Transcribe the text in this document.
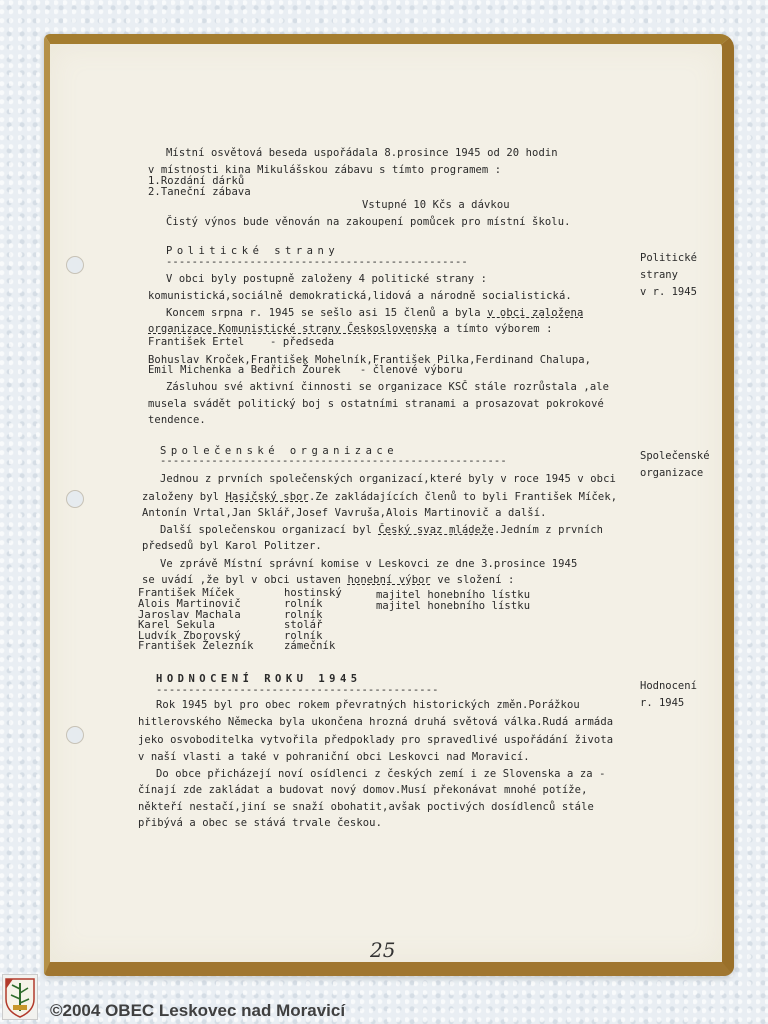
Místní osvětová beseda uspořádala 8.prosince 1945 od 20 hodin
v místnosti kina Mikulášskou zábavu s tímto programem :
1.Rozdání dárků
2.Taneční zábava
Vstupné 10 Kčs a dávkou
Čistý výnos bude věnován na zakoupení pomůcek pro místní školu.
Politické strany
-----------------------------------------------
V obci byly postupně založeny 4 politické strany :
komunistická,sociálně demokratická,lidová a národně socialistická.
Koncem srpna r. 1945 se sešlo asi 15 členů a byla v obci založena
organizace Komunistické strany Československa a tímto výborem :
František Ertel    - předseda
Bohuslav Kroček,František Mohelník,František Pilka,Ferdinand Chalupa,
Emil Michenka a Bedřich Žourek   - členové výboru
Zásluhou své aktivní činnosti se organizace KSČ stále rozrůstala ,ale
musela svádět politický boj s ostatními stranami a prosazovat pokrokové
tendence.
Společenské organizace
------------------------------------------------------
Jednou z prvních společenských organizací,které byly v roce 1945 v obci
založeny byl Hasičský sbor.Ze zakládajících členů to byli František Míček,
Antonín Vrtal,Jan Sklář,Josef Vavruša,Alois Martinovič a další.
Další společenskou organizací byl Český svaz mládeže.Jedním z prvních
předsedů byl Karol Politzer.
Ve zprávě Místní správní komise v Leskovci ze dne 3.prosince 1945
se uvádí ,že byl v obci ustaven honební výbor ve složení :
František Míček	hostinský	majitel honebního lístku
Alois Martinovič	rolník	majitel honebního lístku
Jaroslav Machala	rolník
Karel Sekula	stolář
Ludvík Zborovský	rolník
František Železník	zámečník
HODNOCENÍ ROKU 1945
--------------------------------------------
Rok 1945 byl pro obec rokem převratných historických změn.Porážkou
hitlerovského Německa byla ukončena hrozná druhá světová válka.Rudá armáda
jeko osvoboditelka vytvořila předpoklady pro spravedlivé uspořádání života
v naší vlasti a také v pohraniční obci Leskovci nad Moravicí.
Do obce přicházejí noví osídlenci z českých zemí i ze Slovenska a za -
čínají zde zakládat a budovat nový domov.Musí překonávat mnohé potíže,
někteří nestačí,jiní se snaží obohatit,avšak poctivých dosídlenců stále
přibývá a obec se stává trvale českou.
Politické
strany
v r. 1945
Společenské
organizace
Hodnocení
r. 1945
25
©2004 OBEC Leskovec nad Moravicí
